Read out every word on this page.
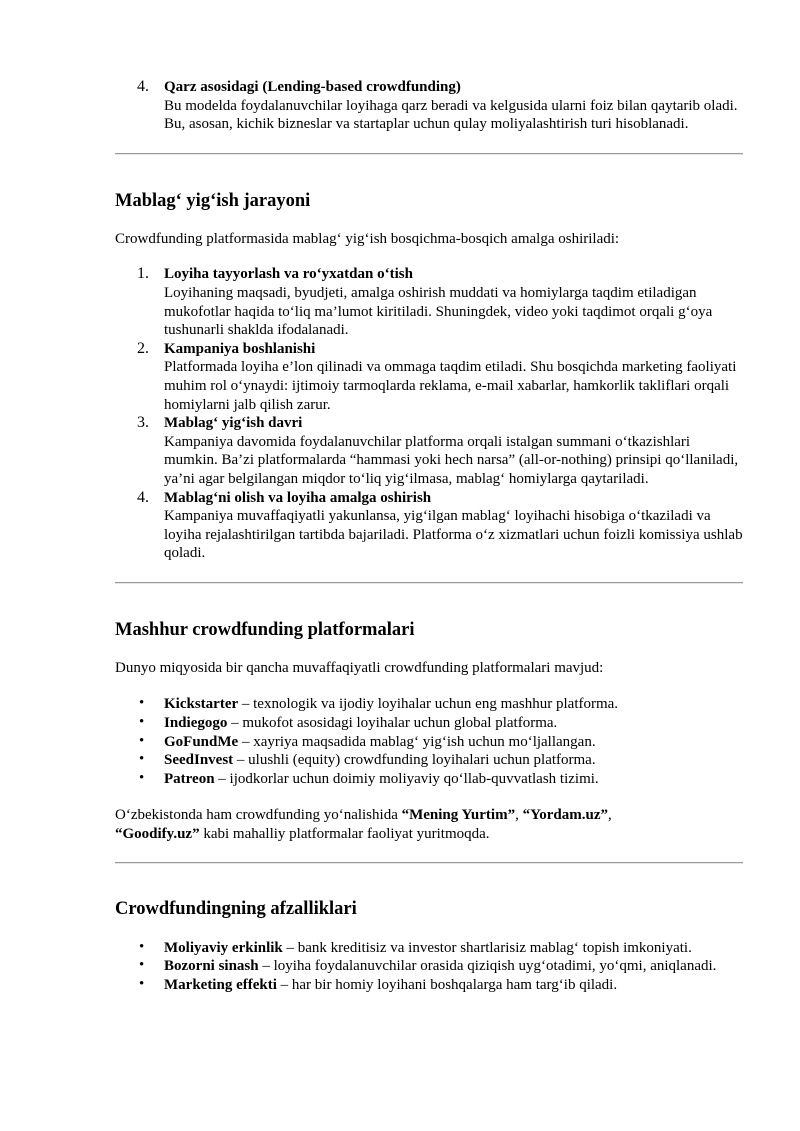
4. Qarz asosidagi (Lending-based crowdfunding)
Bu modelda foydalanuvchilar loyihaga qarz beradi va kelgusida ularni foiz bilan qaytarib oladi. Bu, asosan, kichik bizneslar va startaplar uchun qulay moliyalashtirish turi hisoblanadi.

Mablag‘ yig‘ish jarayoni

Crowdfunding platformasida mablag‘ yig‘ish bosqichma-bosqich amalga oshiriladi:

1. Loyiha tayyorlash va ro‘yxatdan o‘tish
Loyihaning maqsadi, byudjeti, amalga oshirish muddati va homiylarga taqdim etiladigan mukofotlar haqida to‘liq ma’lumot kiritiladi. Shuningdek, video yoki taqdimot orqali g‘oya tushunarli shaklda ifodalanadi.

2. Kampaniya boshlanishi
Platformada loyiha e’lon qilinadi va ommaga taqdim etiladi. Shu bosqichda marketing faoliyati muhim rol o‘ynaydi: ijtimoiy tarmoqlarda reklama, e-mail xabarlar, hamkorlik takliflari orqali homiylarni jalb qilish zarur.

3. Mablag‘ yig‘ish davri
Kampaniya davomida foydalanuvchilar platforma orqali istalgan summani o‘tkazishlari mumkin. Ba’zi platformalarda “hammasi yoki hech narsa” (all-or-nothing) prinsipi qo‘llaniladi, ya’ni agar belgilangan miqdor to‘liq yig‘ilmasa, mablag‘ homiylarga qaytariladi.

4. Mablag‘ni olish va loyiha amalga oshirish
Kampaniya muvaffaqiyatli yakunlansa, yig‘ilgan mablag‘ loyihachi hisobiga o‘tkaziladi va loyiha rejalashtirilgan tartibda bajariladi. Platforma o‘z xizmatlari uchun foizli komissiya ushlab qoladi.

Mashhur crowdfunding platformalari

Dunyo miqyosida bir qancha muvaffaqiyatli crowdfunding platformalari mavjud:

• Kickstarter – texnologik va ijodiy loyihalar uchun eng mashhur platforma.

• Indiegogo – mukofot asosidagi loyihalar uchun global platforma.

• GoFundMe – xayriya maqsadida mablag‘ yig‘ish uchun mo‘ljallangan.

• SeedInvest – ulushli (equity) crowdfunding loyihalari uchun platforma.

• Patreon – ijodkorlar uchun doimiy moliyaviy qo‘llab-quvvatlash tizimi.

O‘zbekistonda ham crowdfunding yo‘nalishida “Mening Yurtim”, “Yordam.uz”,
“Goodify.uz” kabi mahalliy platformalar faoliyat yuritmoqda.

Crowdfundingning afzalliklari
• Moliyaviy erkinlik – bank kreditisiz va investor shartlarisiz mablag‘ topish imkoniyati.

• Bozorni sinash – loyiha foydalanuvchilar orasida qiziqish uyg‘otadimi, yo‘qmi, aniqlanadi.

• Marketing effekti – har bir homiy loyihani boshqalarga ham targ‘ib qiladi.
